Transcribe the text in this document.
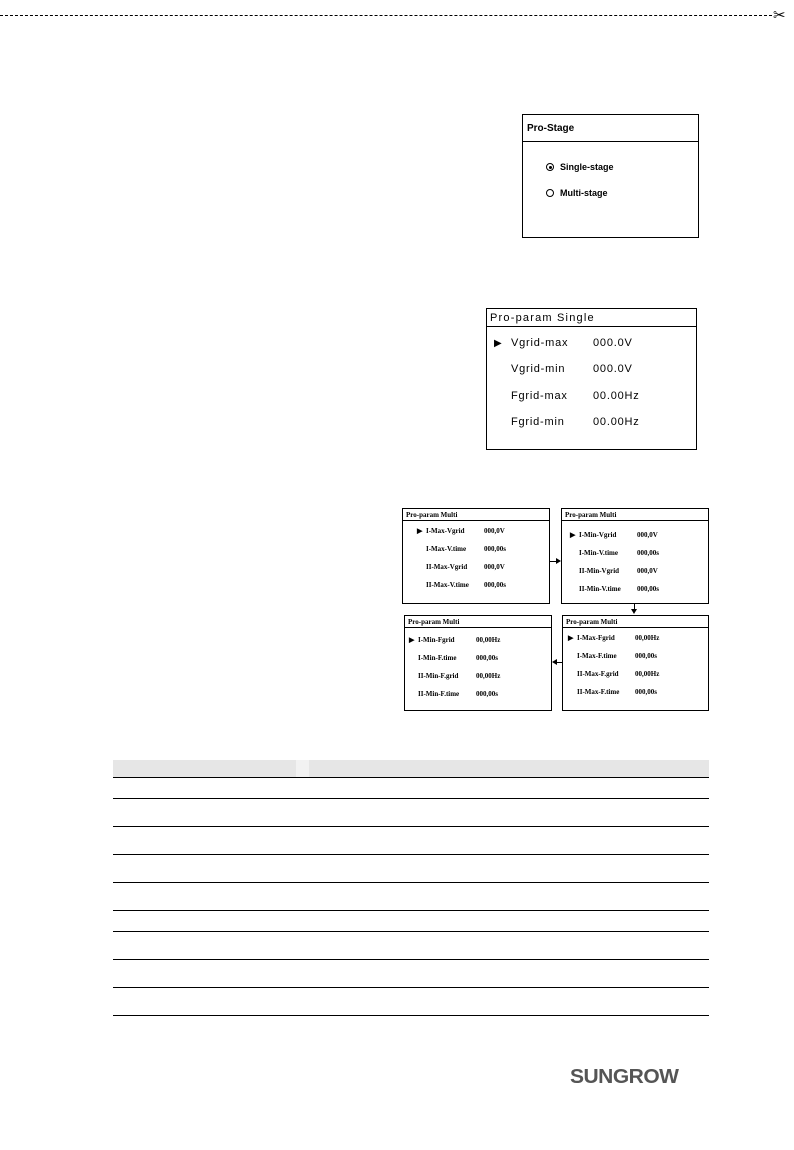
✂
Pro-Stage
Single-stage
Multi-stage
Pro-param Single
▶ Vgrid-max 000.0V
Vgrid-min	000.0V
Fgrid-max 00.00Hz
Fgrid-min	00.00Hz
Pro-param Multi
▶ I-Max-Vgrid	000,0V
I-Max-V.time	000,00s
II-Max-Vgrid 000,0V
II-Max-V.time 000,00s
Pro-param Multi
▶ I-Min-Vgrid	000,0V
I-Min-V.time	000,00s
II-Min-Vgrid	000,0V
II-Min-V.time 000,00s
Pro-param Multi
▶ I-Min-Fgrid	00,00Hz
I-Min-F.time	000,00s
II-Min-F.grid	00,00Hz
II-Min-F.time 000,00s
Pro-param Multi
▶ I-Max-Fgrid	00,00Hz
I-Max-F.time	000,00s
II-Max-F.grid 00,00Hz
II-Max-F.time 000,00s
SUNGROW
